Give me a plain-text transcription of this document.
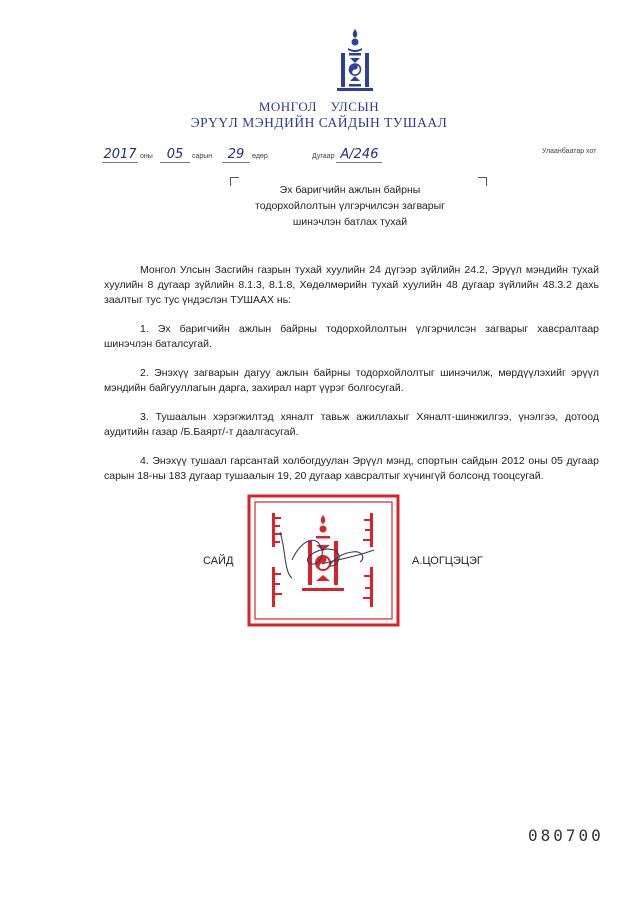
МОНГОЛ УЛСЫН
ЭРҮҮЛ МЭНДИЙН САЙДЫН ТУШААЛ
2017 оны	05 сарын	29 өдөр	Дугаар А/246	Улаанбаатар хот
Эх баригчийн ажлын байрны
тодорхойлолтын үлгэрчилсэн загварыг
шинэчлэн батлах тухай
Монгол Улсын Засгийн газрын тухай хуулийн 24 дүгээр зүйлийн 24.2, Эрүүл мэндийн тухай хуулийн 8 дугаар зүйлийн 8.1.3, 8.1.8, Хөдөлмөрийн тухай хуулийн 48 дугаар зүйлийн 48.3.2 дахь заалтыг тус тус үндэслэн ТУШААХ нь:
1. Эх баригчийн ажлын байрны тодорхойлолтын үлгэрчилсэн загварыг хавсралтаар шинэчлэн баталсугай.
2. Энэхүү загварын дагуу ажлын байрны тодорхойлолтыг шинэчилж, мөрдүүлэхийг эрүүл мэндийн байгууллагын дарга, захирал нарт үүрэг болгосугай.
3. Тушаалын хэрэгжилтэд хяналт тавьж ажиллахыг Хяналт-шинжилгээ, үнэлгээ, дотоод аудитийн газар /Б.Баярт/-т даалгасугай.
4. Энэхүү тушаал гарсантай холбогдуулан Эрүүл мэнд, спортын сайдын 2012 оны 05 дугаар сарын 18-ны 183 дугаар тушаалын 19, 20 дугаар хавсралтыг хүчингүй болсонд тооцсугай.
САЙД	А.ЦОГЦЭЦЭГ
080700
